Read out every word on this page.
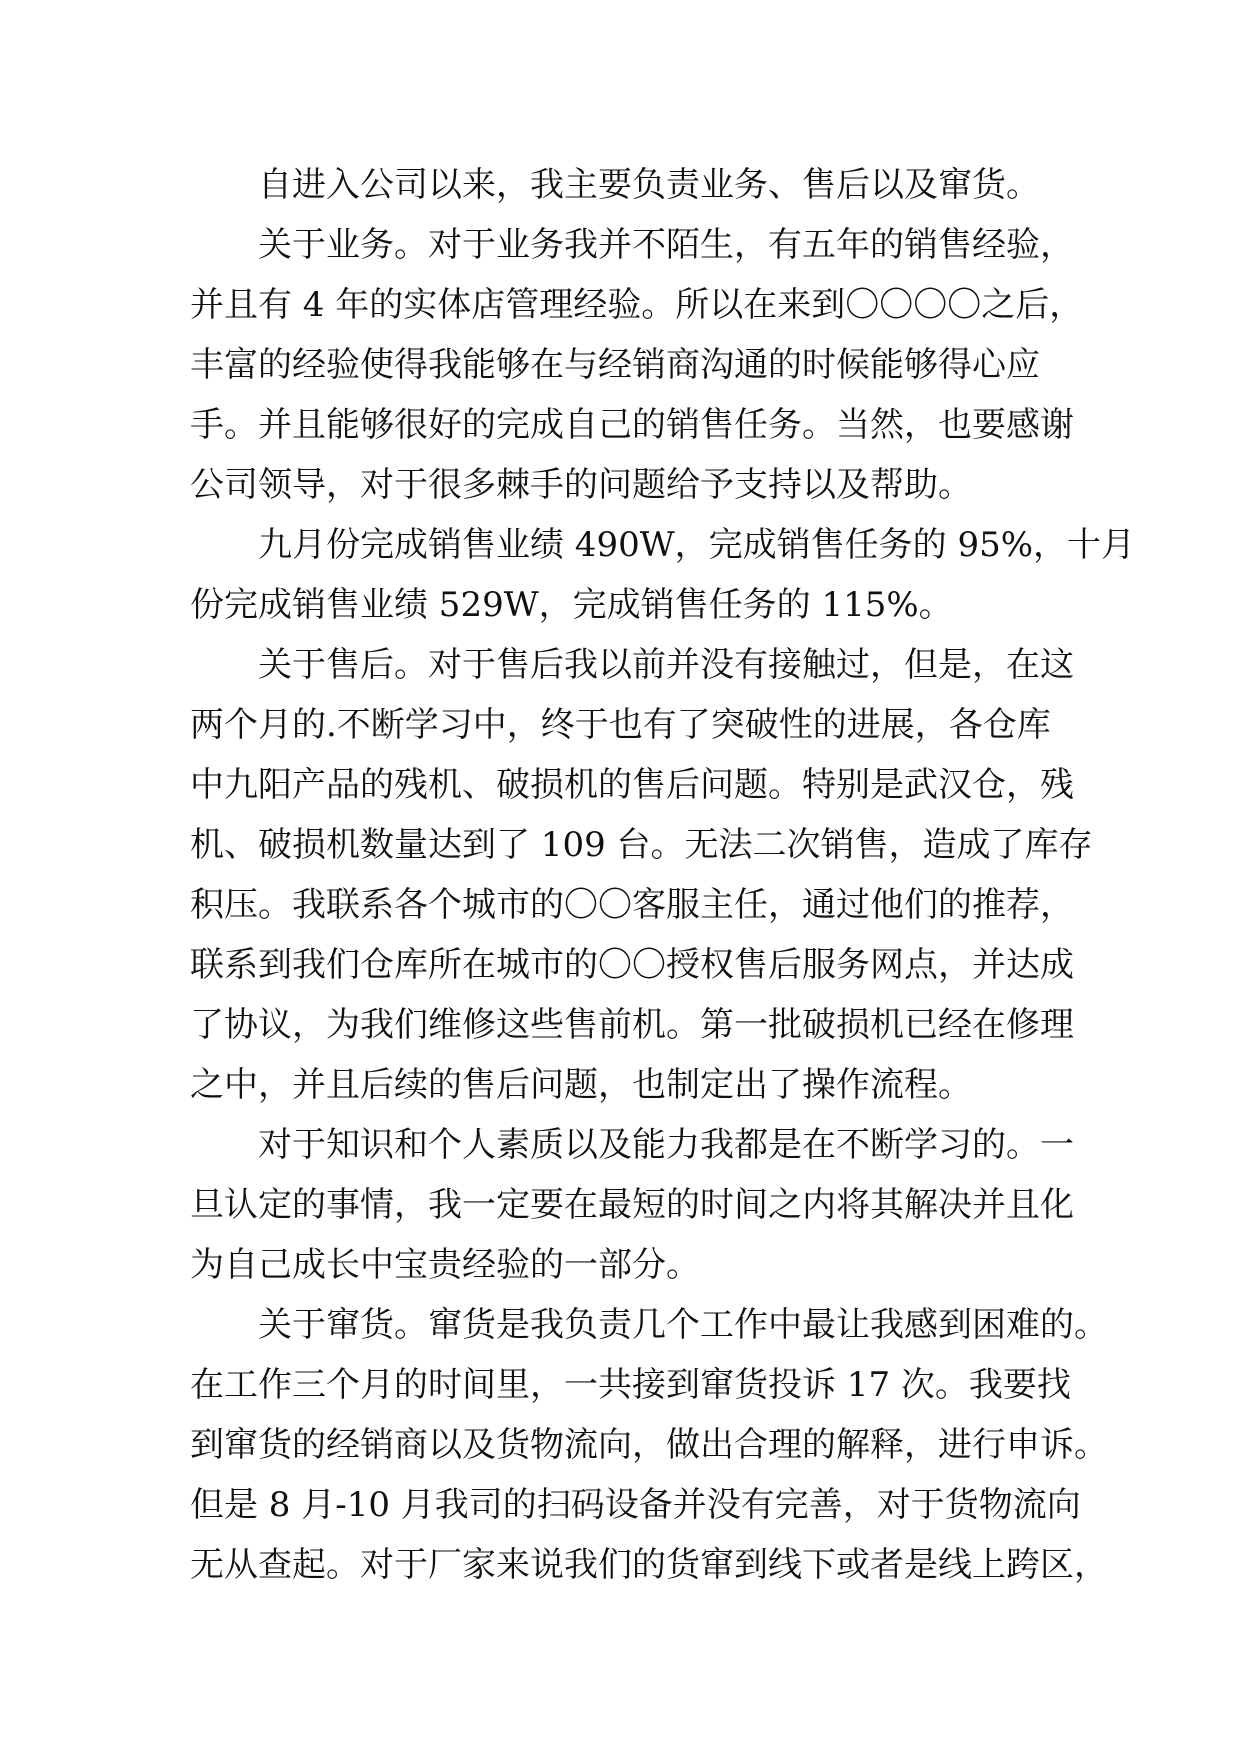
　　自进入公司以来，我主要负责业务、售后以及窜货。
　　关于业务。对于业务我并不陌生，有五年的销售经验，
并且有 4 年的实体店管理经验。所以在来到〇〇〇〇之后，
丰富的经验使得我能够在与经销商沟通的时候能够得心应
手。并且能够很好的完成自己的销售任务。当然，也要感谢
公司领导，对于很多棘手的问题给予支持以及帮助。
　　九月份完成销售业绩 490W，完成销售任务的 95%，十月
份完成销售业绩 529W，完成销售任务的 115%。
　　关于售后。对于售后我以前并没有接触过，但是，在这
两个月的.不断学习中，终于也有了突破性的进展，各仓库
中九阳产品的残机、破损机的售后问题。特别是武汉仓，残
机、破损机数量达到了 109 台。无法二次销售，造成了库存
积压。我联系各个城市的〇〇客服主任，通过他们的推荐，
联系到我们仓库所在城市的〇〇授权售后服务网点，并达成
了协议，为我们维修这些售前机。第一批破损机已经在修理
之中，并且后续的售后问题，也制定出了操作流程。
　　对于知识和个人素质以及能力我都是在不断学习的。一
旦认定的事情，我一定要在最短的时间之内将其解决并且化
为自己成长中宝贵经验的一部分。
　　关于窜货。窜货是我负责几个工作中最让我感到困难的。
在工作三个月的时间里，一共接到窜货投诉 17 次。我要找
到窜货的经销商以及货物流向，做出合理的解释，进行申诉。
但是 8 月-10 月我司的扫码设备并没有完善，对于货物流向
无从查起。对于厂家来说我们的货窜到线下或者是线上跨区，
